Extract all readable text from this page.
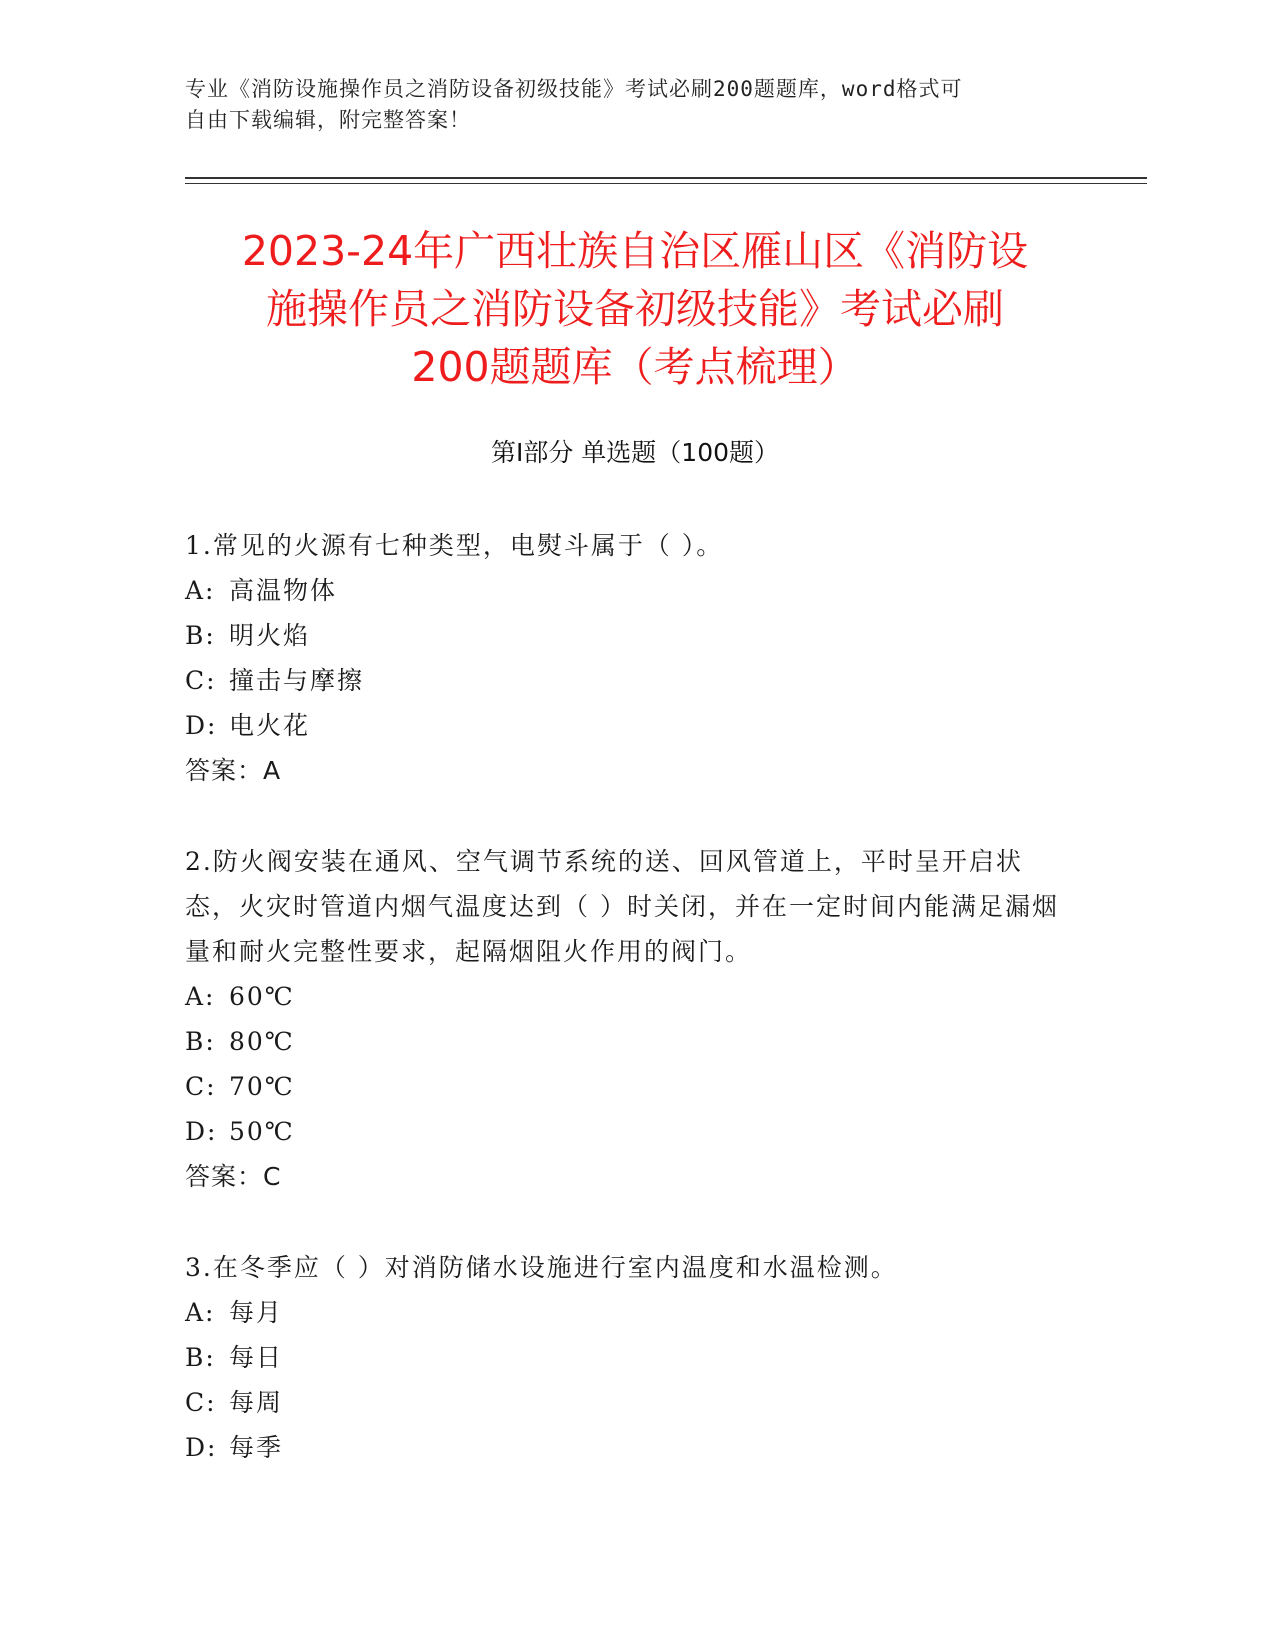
专业《消防设施操作员之消防设备初级技能》考试必刷200题题库，word格式可
自由下载编辑，附完整答案！
2023-24年广西壮族自治区雁山区《消防设
施操作员之消防设备初级技能》考试必刷
200题题库（考点梳理）
第Ⅰ部分 单选题（100题）

1.常见的火源有七种类型，电熨斗属于（ ）。

A: 高温物体

B: 明火焰

C: 撞击与摩擦

D: 电火花

答案：A

2.防火阀安装在通风、空气调节系统的送、回风管道上，平时呈开启状态，火灾时管道内烟气温度达到（ ）时关闭，并在一定时间内能满足漏烟量和耐火完整性要求，起隔烟阻火作用的阀门。

A: 60℃

B: 80℃

C: 70℃

D: 50℃

答案：C

3.在冬季应（ ）对消防储水设施进行室内温度和水温检测。

A: 每月

B: 每日

C: 每周

D: 每季
